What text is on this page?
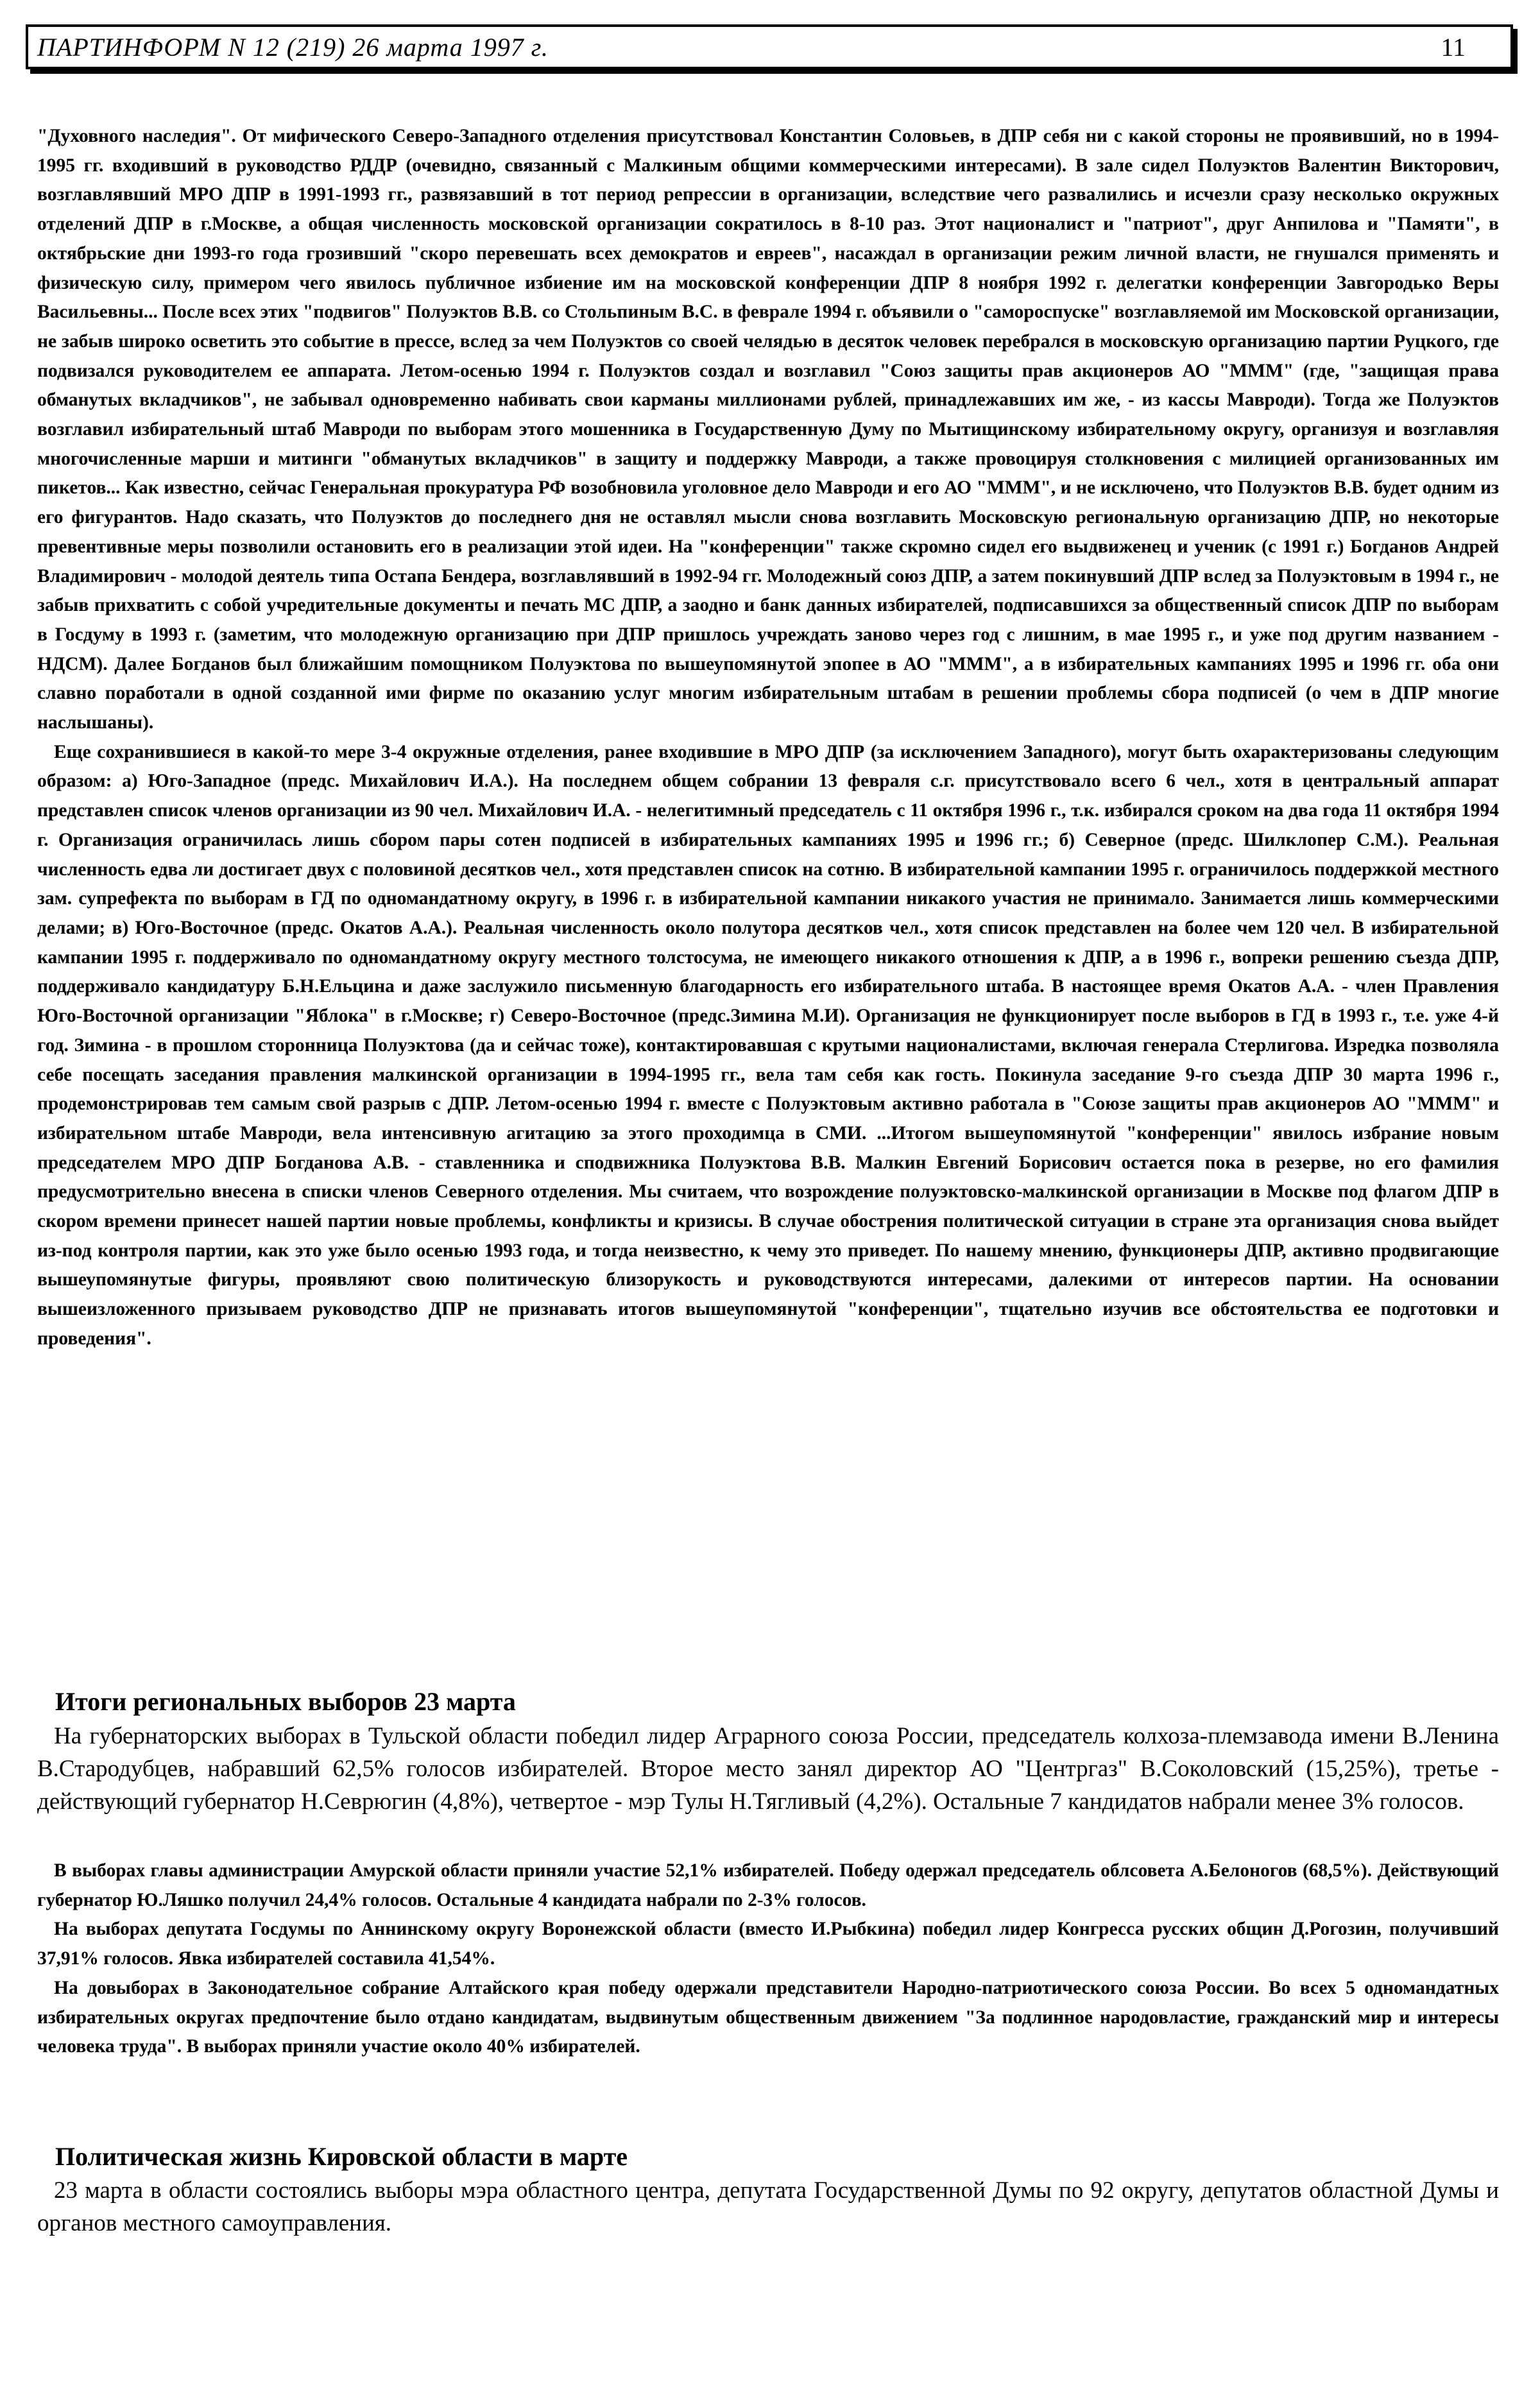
ПАРТИНФОРМ N 12 (219) 26 марта 1997 г.	11

"Духовного наследия". От мифического Северо-Западного отделения присутствовал Константин Соловьев, в ДПР себя ни с какой стороны не проявивший, но в 1994-1995 гг. входивший в руководство РДДР (очевидно, связанный с Малкиным общими коммерческими интересами). В зале сидел Полуэктов Валентин Викторович, возглавлявший МРО ДПР в 1991-1993 гг., развязавший в тот период репрессии в организации, вследствие чего развалились и исчезли сразу несколько окружных отделений ДПР в г.Москве, а общая численность московской организации сократилось в 8-10 раз. Этот националист и "патриот", друг Анпилова и "Памяти", в октябрьские дни 1993-го года грозивший "скоро перевешать всех демократов и евреев", насаждал в организации режим личной власти, не гнушался применять и физическую силу, примером чего явилось публичное избиение им на московской конференции ДПР 8 ноября 1992 г. делегатки конференции Завгородько Веры Васильевны... После всех этих "подвигов" Полуэктов В.В. со Стольпиным В.С. в феврале 1994 г. объявили о "самороспуске" возглавляемой им Московской организации, не забыв широко осветить это событие в прессе, вслед за чем Полуэктов со своей челядью в десяток человек перебрался в московскую организацию партии Руцкого, где подвизался руководителем ее аппарата. Летом-осенью 1994 г. Полуэктов создал и возглавил "Союз защиты прав акционеров АО "МММ" (где, "защищая права обманутых вкладчиков", не забывал одновременно набивать свои карманы миллионами рублей, принадлежавших им же, - из кассы Мавроди). Тогда же Полуэктов возглавил избирательный штаб Мавроди по выборам этого мошенника в Государственную Думу по Мытищинскому избирательному округу, организуя и возглавляя многочисленные марши и митинги "обманутых вкладчиков" в защиту и поддержку Мавроди, а также провоцируя столкновения с милицией организованных им пикетов... Как известно, сейчас Генеральная прокуратура РФ возобновила уголовное дело Мавроди и его АО "МММ", и не исключено, что Полуэктов В.В. будет одним из его фигурантов. Надо сказать, что Полуэктов до последнего дня не оставлял мысли снова возглавить Московскую региональную организацию ДПР, но некоторые превентивные меры позволили остановить его в реализации этой идеи. На "конференции" также скромно сидел его выдвиженец и ученик (с 1991 г.) Богданов Андрей Владимирович - молодой деятель типа Остапа Бендера, возглавлявший в 1992-94 гг. Молодежный союз ДПР, а затем покинувший ДПР вслед за Полуэктовым в 1994 г., не забыв прихватить с собой учредительные документы и печать МС ДПР, а заодно и банк данных избирателей, подписавшихся за общественный список ДПР по выборам в Госдуму в 1993 г. (заметим, что молодежную организацию при ДПР пришлось учреждать заново через год с лишним, в мае 1995 г., и уже под другим названием - НДСМ). Далее Богданов был ближайшим помощником Полуэктова по вышеупомянутой эпопее в АО "МММ", а в избирательных кампаниях 1995 и 1996 гг. оба они славно поработали в одной созданной ими фирме по оказанию услуг многим избирательным штабам в решении проблемы сбора подписей (о чем в ДПР многие наслышаны).

Еще сохранившиеся в какой-то мере 3-4 окружные отделения, ранее входившие в МРО ДПР (за исключением Западного), могут быть охарактеризованы следующим образом: а) Юго-Западное (предс. Михайлович И.А.). На последнем общем собрании 13 февраля с.г. присутствовало всего 6 чел., хотя в центральный аппарат представлен список членов организации из 90 чел. Михайлович И.А. - нелегитимный председатель с 11 октября 1996 г., т.к. избирался сроком на два года 11 октября 1994 г. Организация ограничилась лишь сбором пары сотен подписей в избирательных кампаниях 1995 и 1996 гг.; б) Северное (предс. Шилклопер С.М.). Реальная численность едва ли достигает двух с половиной десятков чел., хотя представлен список на сотню. В избирательной кампании 1995 г. ограничилось поддержкой местного зам. супрефекта по выборам в ГД по одномандатному округу, в 1996 г. в избирательной кампании никакого участия не принимало. Занимается лишь коммерческими делами; в) Юго-Восточное (предс. Окатов А.А.). Реальная численность около полутора десятков чел., хотя список представлен на более чем 120 чел. В избирательной кампании 1995 г. поддерживало по одномандатному округу местного толстосума, не имеющего никакого отношения к ДПР, а в 1996 г., вопреки решению съезда ДПР, поддерживало кандидатуру Б.Н.Ельцина и даже заслужило письменную благодарность его избирательного штаба. В настоящее время Окатов А.А. - член Правления Юго-Восточной организации "Яблока" в г.Москве; г) Северо-Восточное (предс.Зимина М.И). Организация не функционирует после выборов в ГД в 1993 г., т.е. уже 4-й год. Зимина - в прошлом сторонница Полуэктова (да и сейчас тоже), контактировавшая с крутыми националистами, включая генерала Стерлигова. Изредка позволяла себе посещать заседания правления малкинской организации в 1994-1995 гг., вела там себя как гость. Покинула заседание 9-го съезда ДПР 30 марта 1996 г., продемонстрировав тем самым свой разрыв с ДПР. Летом-осенью 1994 г. вместе с Полуэктовым активно работала в "Союзе защиты прав акционеров АО "МММ" и избирательном штабе Мавроди, вела интенсивную агитацию за этого проходимца в СМИ. ...Итогом вышеупомянутой "конференции" явилось избрание новым председателем МРО ДПР Богданова А.В. - ставленника и сподвижника Полуэктова В.В. Малкин Евгений Борисович остается пока в резерве, но его фамилия предусмотрительно внесена в списки членов Северного отделения. Мы считаем, что возрождение полуэктовско-малкинской организации в Москве под флагом ДПР в скором времени принесет нашей партии новые проблемы, конфликты и кризисы. В случае обострения политической ситуации в стране эта организация снова выйдет из-под контроля партии, как это уже было осенью 1993 года, и тогда неизвестно, к чему это приведет. По нашему мнению, функционеры ДПР, активно продвигающие вышеупомянутые фигуры, проявляют свою политическую близорукость и руководствуются интересами, далекими от интересов партии. На основании вышеизложенного призываем руководство ДПР не признавать итогов вышеупомянутой "конференции", тщательно изучив все обстоятельства ее подготовки и проведения".

Итоги региональных выборов 23 марта

На губернаторских выборах в Тульской области победил лидер Аграрного союза России, председатель колхоза-племзавода имени В.Ленина В.Стародубцев, набравший 62,5% голосов избирателей. Второе место занял директор АО "Центргаз" В.Соколовский (15,25%), третье - действующий губернатор Н.Севрюгин (4,8%), четвертое - мэр Тулы Н.Тягливый (4,2%). Остальные 7 кандидатов набрали менее 3% голосов.

В выборах главы администрации Амурской области приняли участие 52,1% избирателей. Победу одержал председатель облсовета А.Белоногов (68,5%). Действующий губернатор Ю.Ляшко получил 24,4% голосов. Остальные 4 кандидата набрали по 2-3% голосов.

На выборах депутата Госдумы по Аннинскому округу Воронежской области (вместо И.Рыбкина) победил лидер Конгресса русских общин Д.Рогозин, получивший 37,91% голосов. Явка избирателей составила 41,54%.

На довыборах в Законодательное собрание Алтайского края победу одержали представители Народно-патриотического союза России. Во всех 5 одномандатных избирательных округах предпочтение было отдано кандидатам, выдвинутым общественным движением "За подлинное народовластие, гражданский мир и интересы человека труда". В выборах приняли участие около 40% избирателей.

Политическая жизнь Кировской области в марте

23 марта в области состоялись выборы мэра областного центра, депутата Государственной Думы по 92 округу, депутатов областной Думы и органов местного самоуправления.
